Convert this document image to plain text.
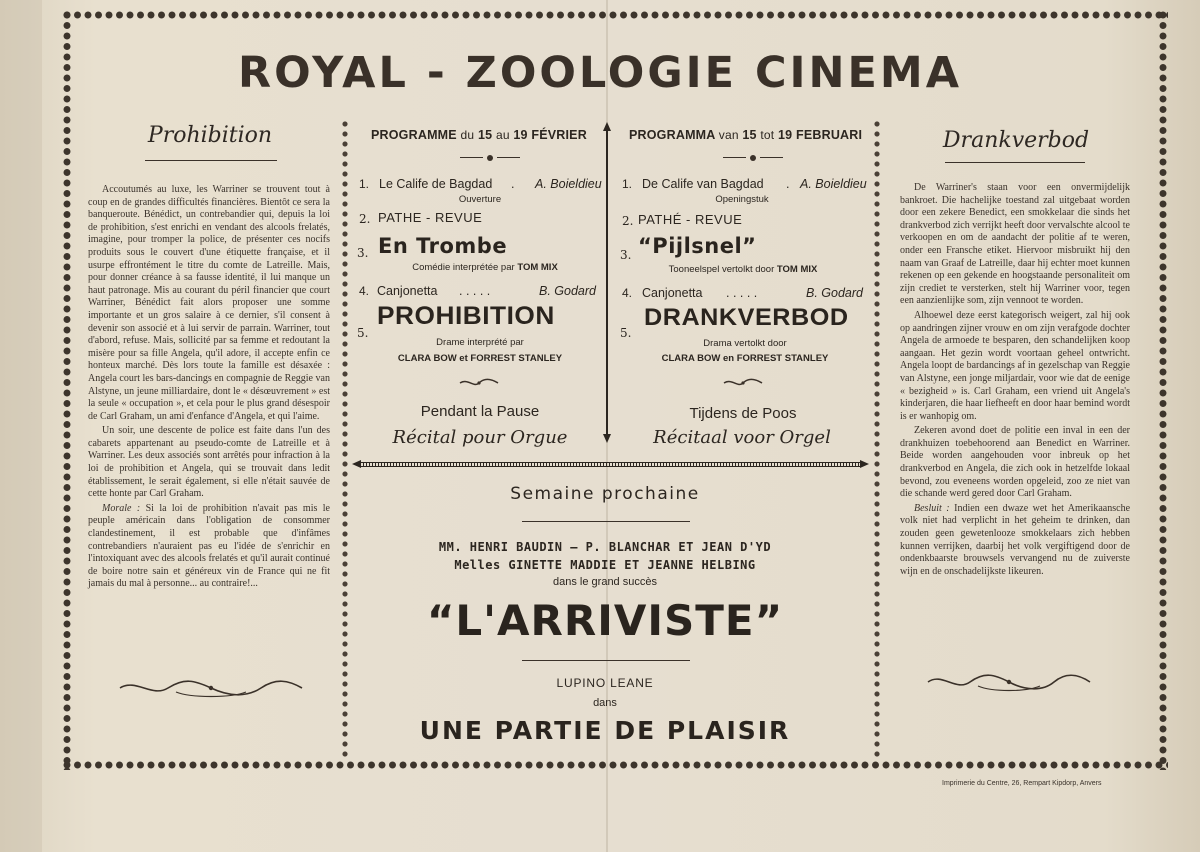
ROYAL - ZOOLOGIE CINEMA
Prohibition

Accoutumés au luxe, les Warriner se trouvent tout à coup en de grandes difficultés financières. Bientôt ce sera la banqueroute. Bénédict, un contrebandier qui, depuis la loi de prohibition, s'est enrichi en vendant des alcools frelatés, imagine, pour tromper la police, de présenter ces nocifs produits sous le couvert d'une étiquette française, et il usurpe effrontément le titre du comte de Latreille. Mais, pour donner créance à sa fausse identité, il lui manque un haut patronage. Mis au courant du péril financier que court Warriner, Bénédict fait alors proposer une somme importante et un gros salaire à ce dernier, s'il consent à devenir son associé et à lui servir de parrain. Warriner, tout d'abord, refuse. Mais, sollicité par sa femme et redoutant la misère pour sa fille Angela, qu'il adore, il accepte enfin ce honteux marché. Dès lors toute la famille est désaxée : Angela court les bars-dancings en compagnie de Reggie van Alstyne, un jeune milliardaire, dont le « désœuvrement » est la seule « occupation », et cela pour le plus grand désespoir de Carl Graham, un ami d'enfance d'Angela, et qui l'aime.

Un soir, une descente de police est faite dans l'un des cabarets appartenant au pseudo-comte de Latreille et à Warriner. Les deux associés sont arrêtés pour infraction à la loi de prohibition et Angela, qui se trouvait dans ledit établissement, le serait également, si elle n'était sauvée de cette honte par Carl Graham.

Morale : Si la loi de prohibition n'avait pas mis le peuple américain dans l'obligation de consommer clandestinement, il est probable que d'infâmes contrebandiers n'auraient pas eu l'idée de s'enrichir en l'intoxiquant avec des alcools frelatés et qu'il aurait continué de boire notre sain et généreux vin de France qui ne fit jamais du mal à personne... au contraire!...

Drankverbod

De Warriner's staan voor een onvermijdelijk bankroet. Die hachelijke toestand zal uitgebaat worden door een zekere Benedict, een smokkelaar die sinds het drankverbod zich verrijkt heeft door vervalschte alcool te verkoopen en om de aandacht der politie af te weren, onder een Fransche etiket. Hiervoor misbruikt hij den naam van Graaf de Latreille, daar hij echter moet kunnen rekenen op een gekende en hoogstaande personaliteit om zijn crediet te versterken, stelt hij Warriner voor, tegen een aanzienlijke som, zijn vennoot te worden.

Alhoewel deze eerst kategorisch weigert, zal hij ook op aandringen zijner vrouw en om zijn verafgode dochter Angela de armoede te besparen, den schandelijken koop aangaan. Het gezin wordt voortaan geheel ontwricht. Angela loopt de bardancings af in gezelschap van Reggie van Alstyne, een jonge miljardair, voor wie dat de eenige « bezigheid » is. Carl Graham, een vriend uit Angela's kinderjaren, die haar liefheeft en door haar bemind wordt is er wanhopig om.

Zekeren avond doet de politie een inval in een der drankhuizen toebehoorend aan Benedict en Warriner. Beide worden aangehouden voor inbreuk op het drankverbod en Angela, die zich ook in hetzelfde lokaal bevond, zou eveneens worden opgeleid, zoo ze niet van die schande werd gered door Carl Graham.

Besluit : Indien een dwaze wet het Amerikaansche volk niet had verplicht in het geheim te drinken, dan zouden geen gewetenlooze smokkelaars zich hebben kunnen verrijken, daarbij het volk vergiftigend door de ondenkbaarste brouwsels vervangend nu de zuiverste wijn en de onschadelijkste likeuren.

PROGRAMME du 15 au 19 FÉVRIER
1. Le Calife de Bagdad . A. Boieldieu
Ouverture
2. PATHE - REVUE
3. En Trombe
Comédie interprétée par TOM MIX
4. Canjonetta . . . . .	B. Godard
5.
PROHIBITION
Drame interprété par
CLARA BOW et FORREST STANLEY
Pendant la Pause
Récital pour Orgue
PROGRAMMA van 15 tot 19 FEBRUARI
1. De Calife van Bagdad . A. Boieldieu
Openingstuk
2. PATHÉ - REVUE
3. “Pijlsnel”
Tooneelspel vertolkt door TOM MIX
4. Canjonetta . . . . .	B. Godard
5.
DRANKVERBOD
Drama vertolkt door
CLARA BOW en FORREST STANLEY
Tijdens de Poos
Récitaal voor Orgel
Semaine prochaine
MM. HENRI BAUDIN — P. BLANCHAR ET JEAN D'YD
Melles GINETTE MADDIE ET JEANNE HELBING
dans le grand succès
“L'ARRIVISTE”
LUPINO LEANE
dans
UNE PARTIE DE PLAISIR
Imprimerie du Centre, 26, Rempart Kipdorp, Anvers
